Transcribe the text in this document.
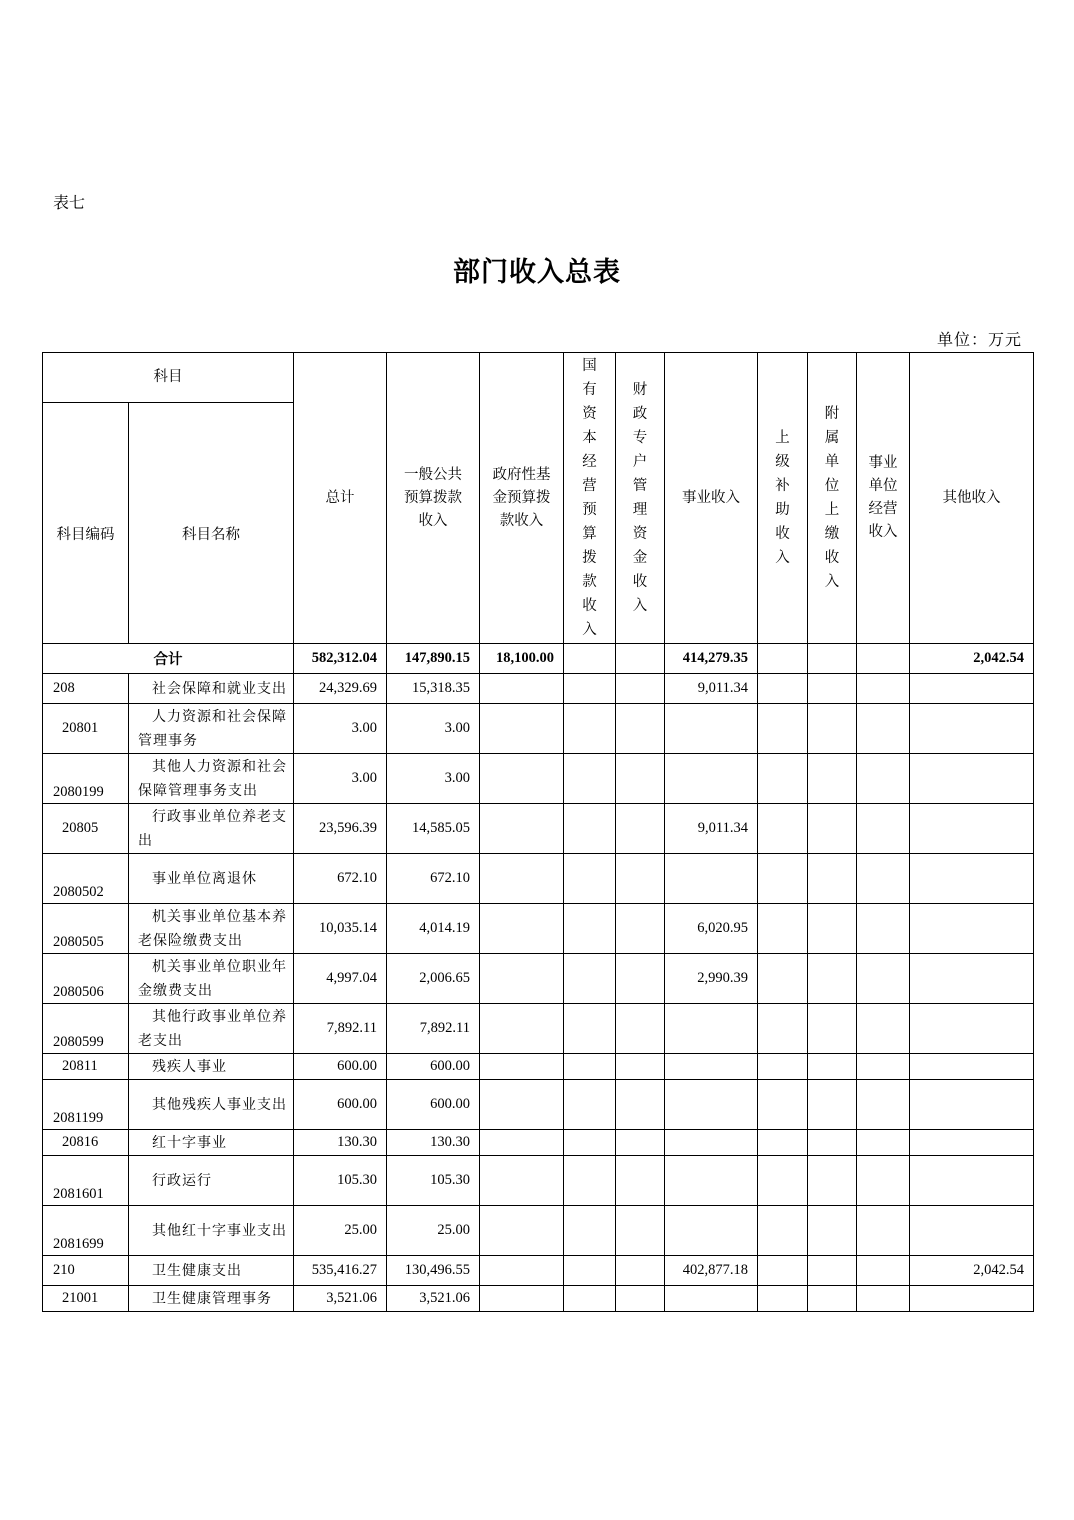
表七
部门收入总表
单位：万元
科目		总计	一般公共预算拨款收入	政府性基金预算拨款收入	国有资本经营预算拨款收入	财政专户管理资金收入	事业收入	上级补助收入	附属单位上缴收入	事业单位经营收入	其他收入
科目编码	科目名称										
合计		582,312.04	147,890.15	18,100.00			414,279.35				2,042.54
208	社会保障和就业支出	24,329.69	15,318.35				9,011.34				
20801	人力资源和社会保障管理事务	3.00	3.00								
2080199	其他人力资源和社会保障管理事务支出	3.00	3.00								
20805	行政事业单位养老支出	23,596.39	14,585.05				9,011.34				
2080502	事业单位离退休	672.10	672.10								
2080505	机关事业单位基本养老保险缴费支出	10,035.14	4,014.19				6,020.95				
2080506	机关事业单位职业年金缴费支出	4,997.04	2,006.65				2,990.39				
2080599	其他行政事业单位养老支出	7,892.11	7,892.11								
20811	残疾人事业	600.00	600.00								
2081199	其他残疾人事业支出	600.00	600.00								
20816	红十字事业	130.30	130.30								
2081601	行政运行	105.30	105.30								
2081699	其他红十字事业支出	25.00	25.00								
210	卫生健康支出	535,416.27	130,496.55				402,877.18				2,042.54
21001	卫生健康管理事务	3,521.06	3,521.06								
